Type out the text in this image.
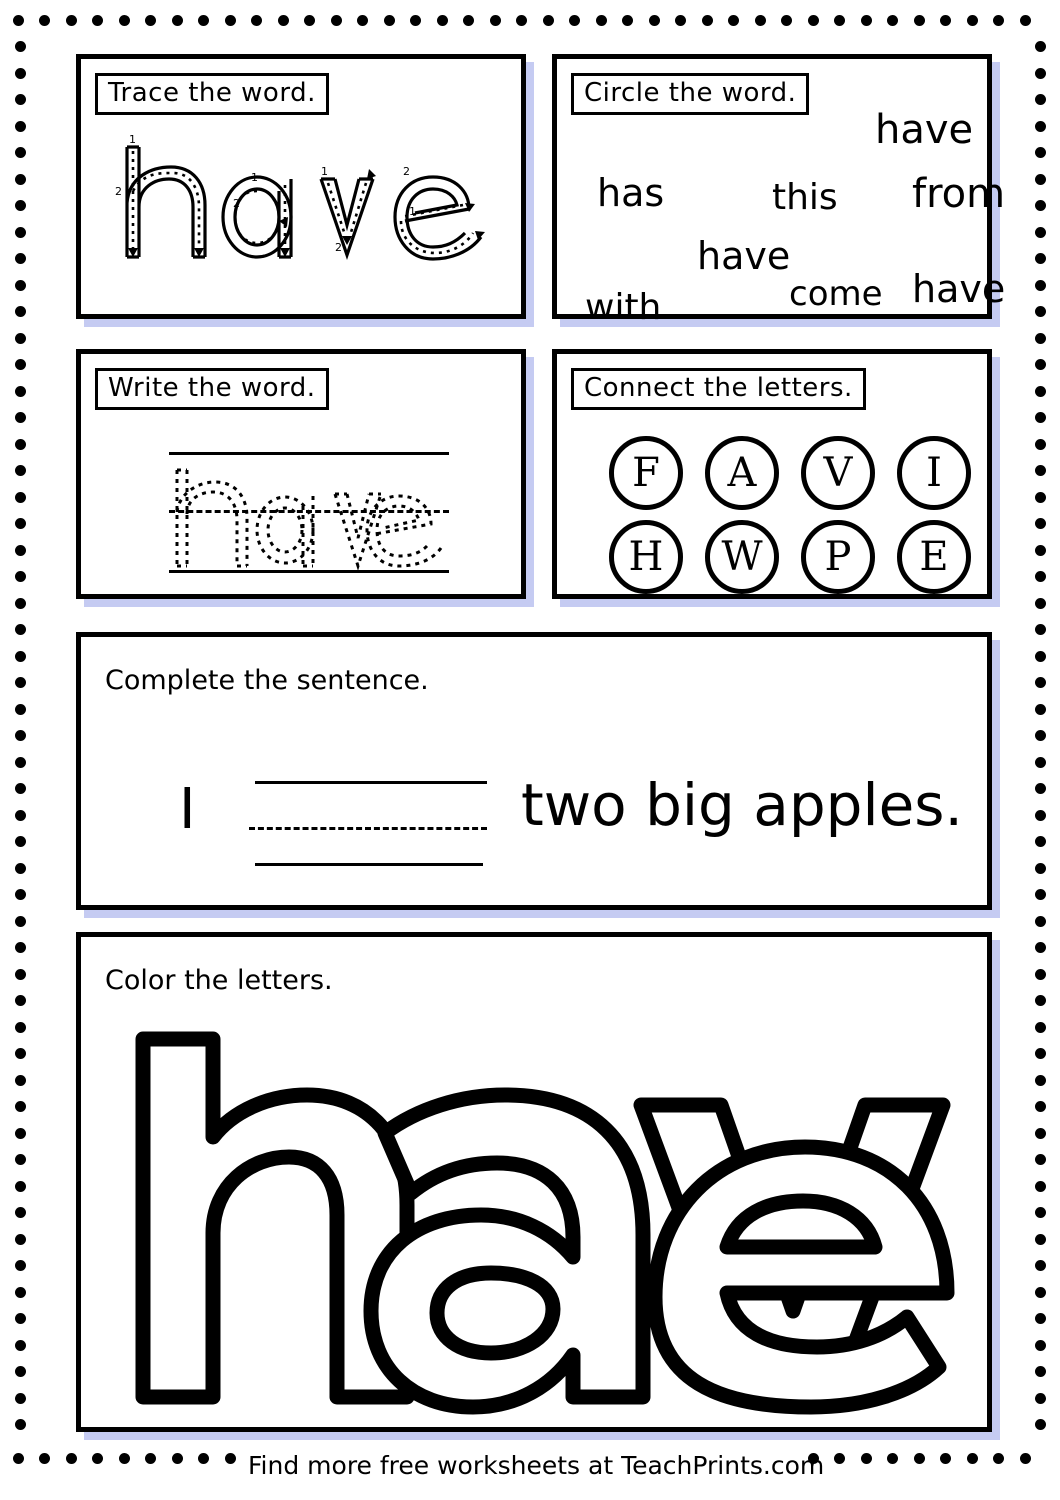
Trace the word.
1
2
1
2
1
2
2
1
Circle the word.
have
has	this from
have
come have
with
Write the word.	Connect the letters.
F	A	V	I
H	W	P	E
Complete the sentence.
I	two big apples.
Color the letters.
Find more free worksheets at TeachPrints.com
